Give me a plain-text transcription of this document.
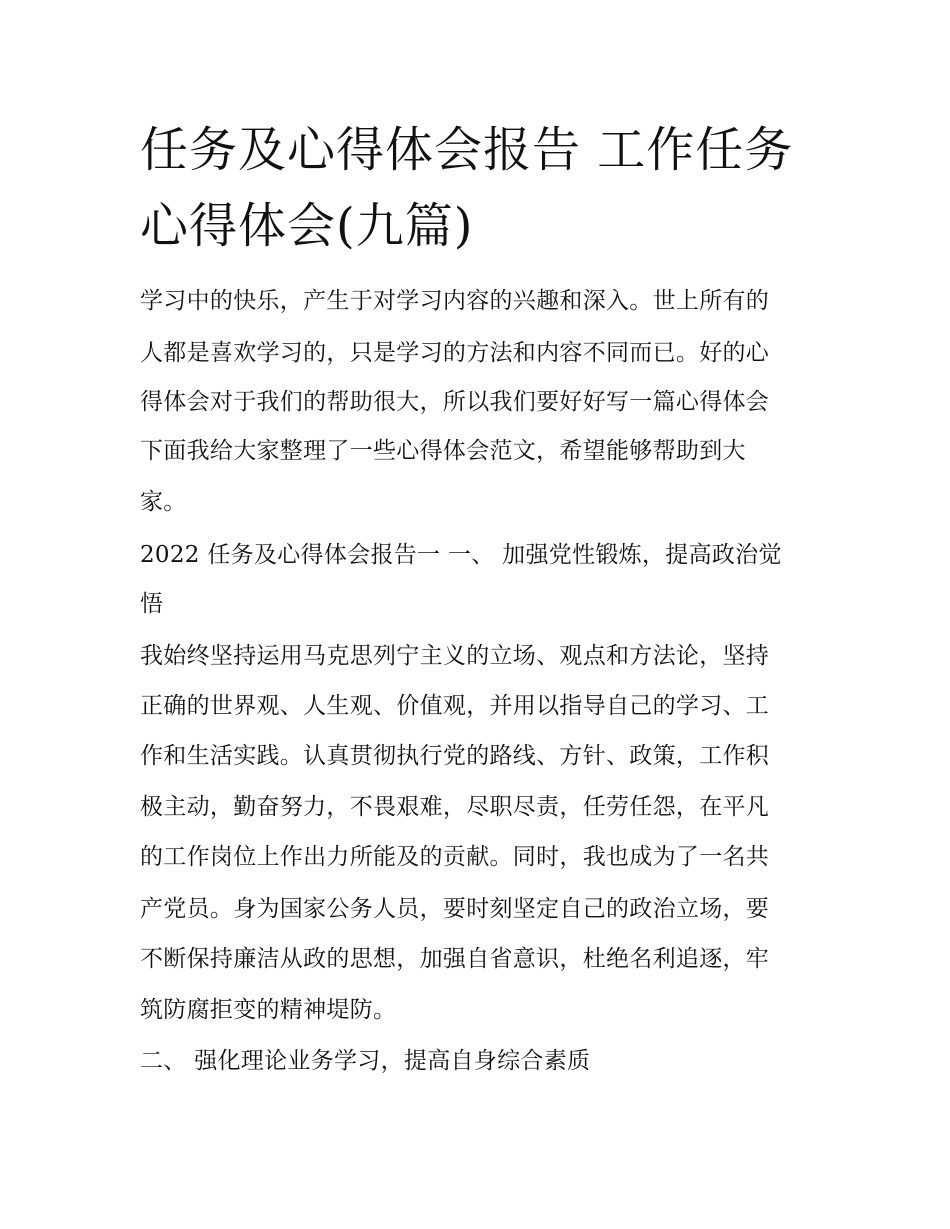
任务及心得体会报告 工作任务
心得体会(九篇)
学习中的快乐，产生于对学习内容的兴趣和深入。世上所有的
人都是喜欢学习的，只是学习的方法和内容不同而已。好的心
得体会对于我们的帮助很大，所以我们要好好写一篇心得体会
下面我给大家整理了一些心得体会范文，希望能够帮助到大
家。
2022 任务及心得体会报告一 一、 加强党性锻炼，提高政治觉
悟
我始终坚持运用马克思列宁主义的立场、观点和方法论，坚持
正确的世界观、人生观、价值观，并用以指导自己的学习、工
作和生活实践。认真贯彻执行党的路线、方针、政策，工作积
极主动，勤奋努力，不畏艰难，尽职尽责，任劳任怨，在平凡
的工作岗位上作出力所能及的贡献。同时，我也成为了一名共
产党员。身为国家公务人员，要时刻坚定自己的政治立场，要
不断保持廉洁从政的思想，加强自省意识，杜绝名利追逐，牢
筑防腐拒变的精神堤防。
二、 强化理论业务学习，提高自身综合素质
